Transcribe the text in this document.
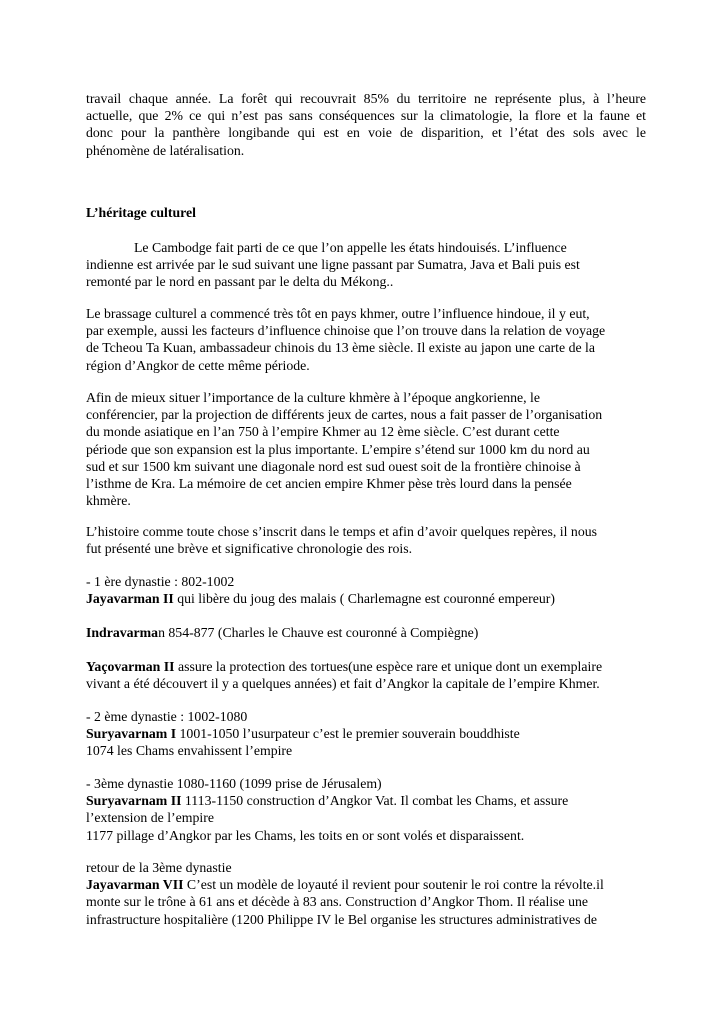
travail chaque année. La forêt qui recouvrait 85% du territoire ne représente plus, à l’heure
actuelle, que 2% ce qui n’est pas sans conséquences sur la climatologie, la flore et la faune et
donc pour la panthère longibande qui est en voie de disparition, et l’état des sols avec le
phénomène de latéralisation.
L’héritage culturel
Le Cambodge fait parti de ce que l’on appelle les états hindouisés. L’influence
indienne est arrivée par le sud suivant une ligne passant par Sumatra, Java et Bali puis est
remonté par le nord en passant par le delta du Mékong..
Le brassage culturel a commencé très tôt en pays khmer, outre l’influence hindoue, il y eut,
par exemple, aussi les facteurs d’influence chinoise que l’on trouve dans la relation de voyage
de Tcheou Ta Kuan, ambassadeur chinois du 13 ème siècle. Il existe au japon une carte de la
région d’Angkor de cette même période.
Afin de mieux situer l’importance de la culture khmère à l’époque angkorienne, le
conférencier, par la projection de différents jeux de cartes, nous a fait passer de l’organisation
du monde asiatique en l’an 750 à l’empire Khmer au 12 ème siècle. C’est durant cette
période que son expansion est la plus importante. L’empire s’étend sur 1000 km du nord au
sud et sur 1500 km suivant une diagonale nord est sud ouest soit de la frontière chinoise à
l’isthme de Kra. La mémoire de cet ancien empire Khmer pèse très lourd dans la pensée
khmère.
L’histoire comme toute chose s’inscrit dans le temps et afin d’avoir quelques repères, il nous
fut présenté une brève et significative chronologie des rois.
- 1 ère dynastie : 802-1002
Jayavarman II qui libère du joug des malais ( Charlemagne est couronné empereur)
Indravarman 854-877 (Charles le Chauve est couronné à Compiègne)
Yaçovarman II assure la protection des tortues(une espèce rare et unique dont un exemplaire
vivant a été découvert il y a quelques années) et fait d’Angkor la capitale de l’empire Khmer.
- 2 ème dynastie : 1002-1080
Suryavarnam I 1001-1050 l’usurpateur c’est le premier souverain bouddhiste
1074 les Chams envahissent l’empire
- 3ème dynastie 1080-1160 (1099 prise de Jérusalem)
Suryavarnam II 1113-1150 construction d’Angkor Vat. Il combat les Chams, et assure
l’extension de l’empire
1177 pillage d’Angkor par les Chams, les toits en or sont volés et disparaissent.
retour de la 3ème dynastie
Jayavarman VII C’est un modèle de loyauté il revient pour soutenir le roi contre la révolte.il
monte sur le trône à 61 ans et décède à 83 ans. Construction d’Angkor Thom. Il réalise une
infrastructure hospitalière (1200 Philippe IV le Bel organise les structures administratives de
